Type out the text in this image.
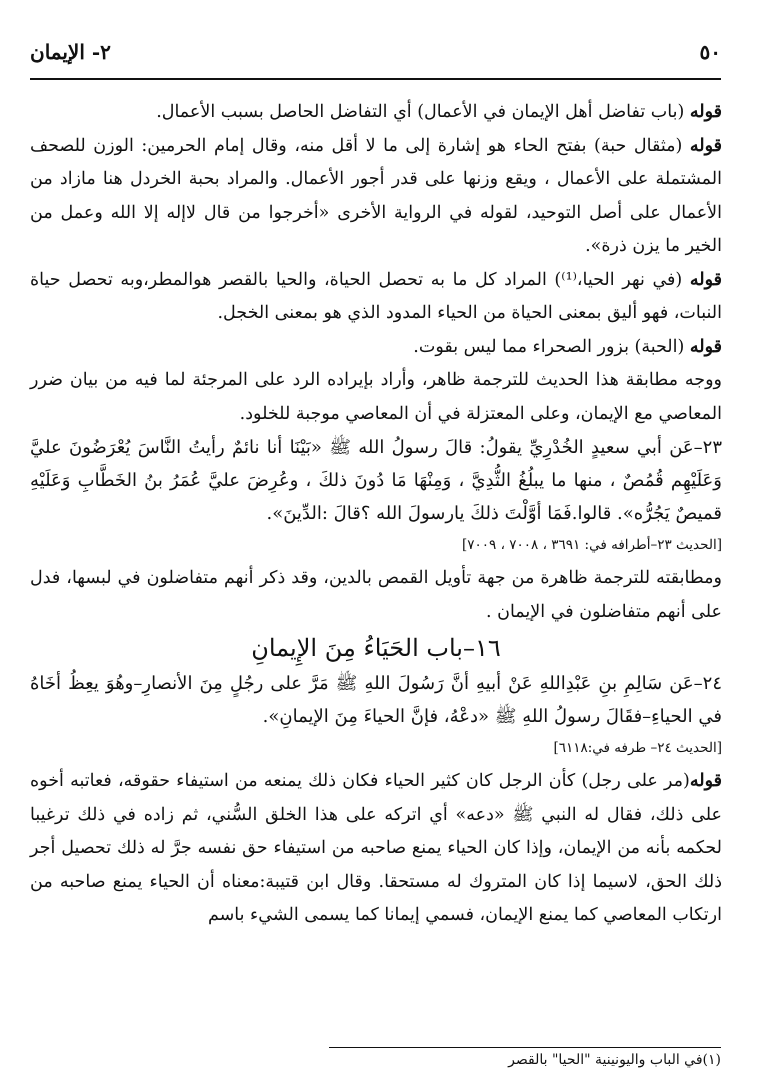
٥٠
٢- الإيمان

قوله (باب تفاضل أهل الإيمان في الأعمال) أي التفاضل الحاصل بسبب الأعمال.

قوله (مثقال حبة) بفتح الحاء هو إشارة إلى ما لا أقل منه، وقال إمام الحرمين: الوزن للصحف المشتملة على الأعمال ، ويقع وزنها على قدر أجور الأعمال. والمراد بحبة الخردل هنا مازاد من الأعمال على أصل التوحيد، لقوله في الرواية الأخرى «أخرجوا من قال لاإله إلا الله وعمل من الخير ما يزن ذرة».

قوله (في نهر الحيا،⁽¹⁾) المراد كل ما به تحصل الحياة، والحيا بالقصر هوالمطر،وبه تحصل حياة النبات، فهو أليق بمعنى الحياة من الحياء المدود الذي هو بمعنى الخجل.

قوله (الحبة) بزور الصحراء مما ليس بقوت.

ووجه مطابقة هذا الحديث للترجمة ظاهر، وأراد بإيراده الرد على المرجئة لما فيه من بيان ضرر المعاصي مع الإيمان، وعلى المعتزلة في أن المعاصي موجبة للخلود.

٢٣–عَن أبي سعيدٍ الخُدْرِيِّ يقولُ: قالَ رسولُ الله ﷺ «بَيْنَا أنا نائمٌ رأيتُ النَّاسَ يُعْرَضُونَ عليَّ وَعَلَيْهِم قُمُصٌ ، منها ما يبلُغُ الثُّدِيَّ ، وَمِنْهَا مَا دُونَ ذلكَ ، وعُرِضَ عليَّ عُمَرُ بنُ الخَطَّابِ وَعَلَيْهِ قميصٌ يَجُرُّه». قالوا.فَمَا أوَّلْتَ ذلكَ يارسولَ الله ؟قالَ :الدِّينَ».

[الحديث ٢٣–أطرافه في: ٣٦٩١ ، ٧٠٠٨ ، ٧٠٠٩]

ومطابقته للترجمة ظاهرة من جهة تأويل القمص بالدين، وقد ذكر أنهم متفاضلون في لبسها، فدل على أنهم متفاضلون في الإيمان .

١٦–باب الحَيَاءُ مِنَ الإِيمانِ

٢٤–عَن سَالِمِ بنِ عَبْدِاللهِ عَنْ أبيهِ أنَّ رَسُولَ اللهِ ﷺ مَرَّ على رجُلٍ مِنَ الأنصارِ–وهُوَ يعِظُ أخَاهُ في الحياءِ–فقَالَ رسولُ اللهِ ﷺ «دعْهُ، فإنَّ الحياءَ مِنَ الإيمانِ».

[الحديث ٢٤– طرفه في:٦١١٨]

قوله(مر على رجل) كأن الرجل كان كثير الحياء فكان ذلك يمنعه من استيفاء حقوقه، فعاتبه أخوه على ذلك، فقال له النبي ﷺ «دعه» أي اتركه على هذا الخلق السُّني، ثم زاده في ذلك ترغيبا لحكمه بأنه من الإيمان، وإذا كان الحياء يمنع صاحبه من استيفاء حق نفسه جرَّ له ذلك تحصيل أجر ذلك الحق، لاسيما إذا كان المتروك له مستحقا. وقال ابن قتيبة:معناه أن الحياء يمنع صاحبه من ارتكاب المعاصي كما يمنع الإيمان، فسمي إيمانا كما يسمى الشيء باسم

(١)في الباب واليونينية "الحيا" بالقصر
